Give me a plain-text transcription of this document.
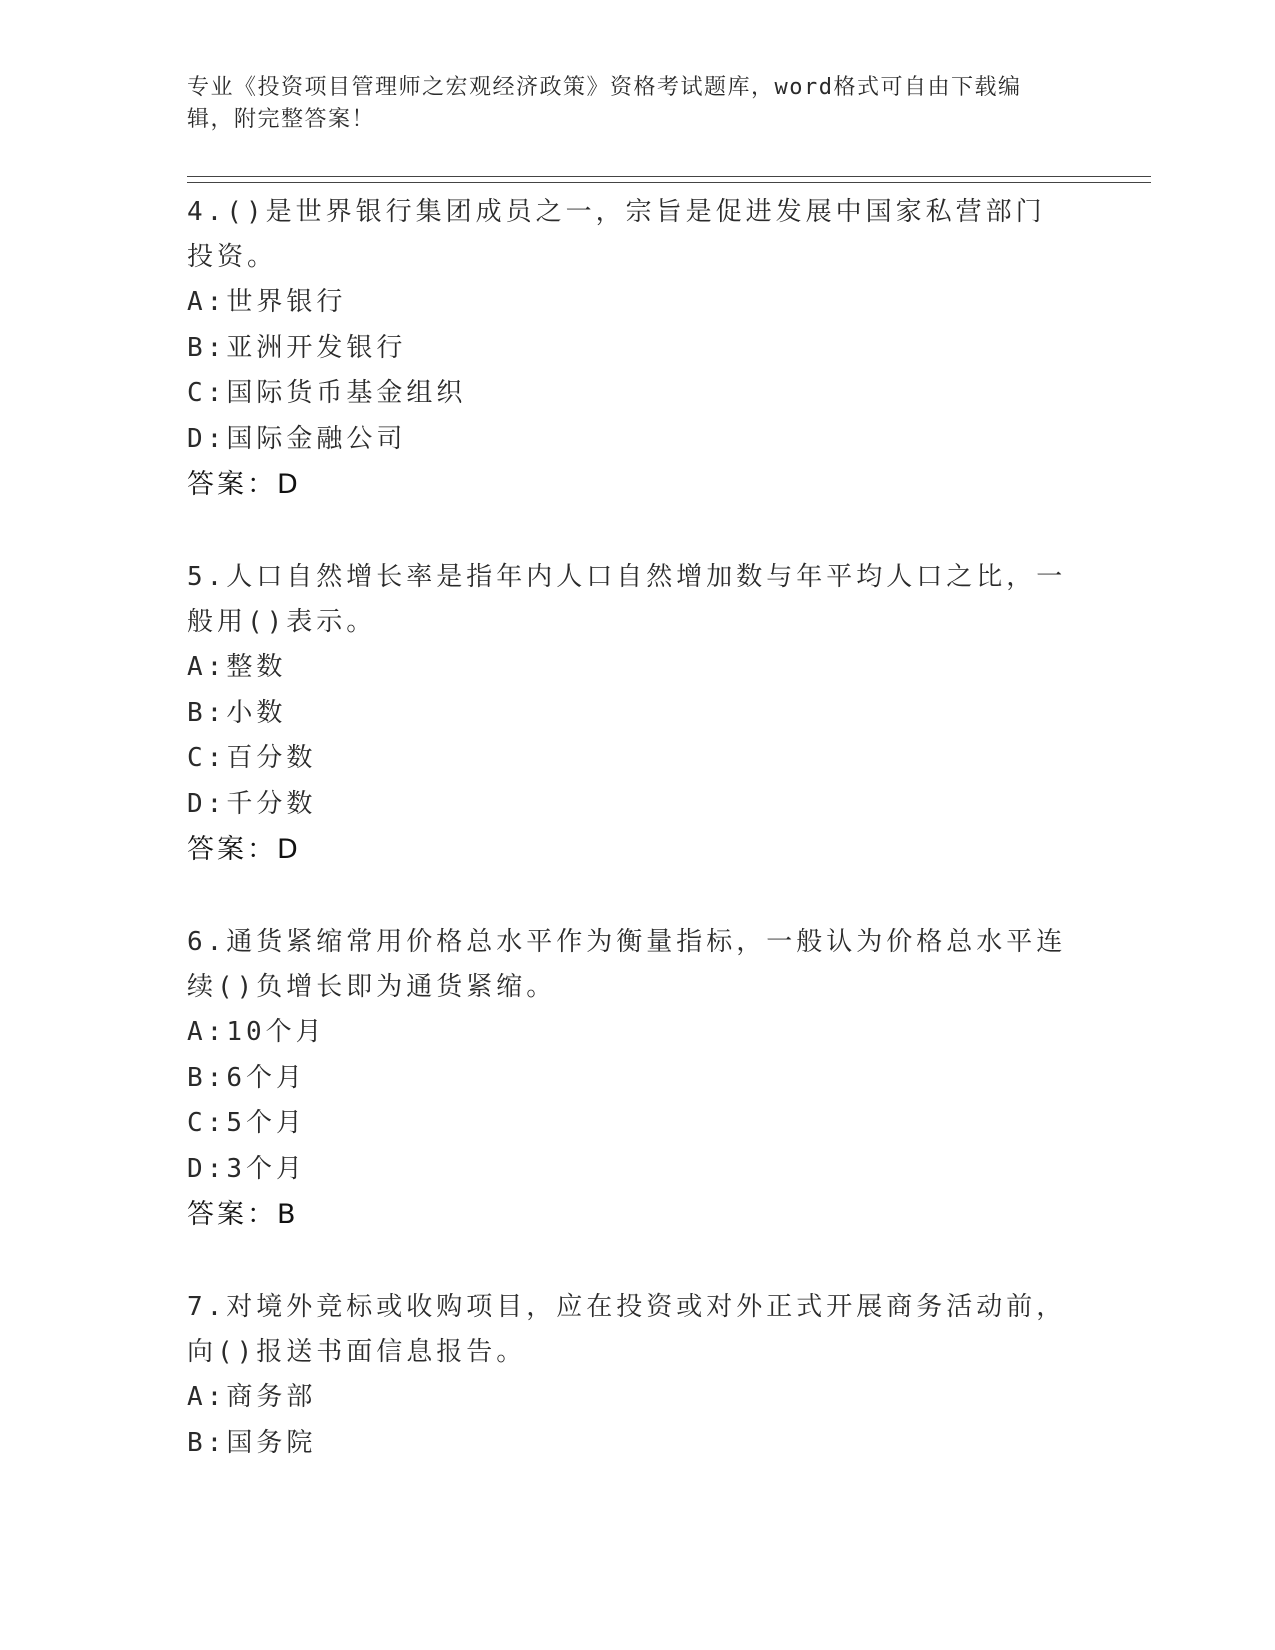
专业《投资项目管理师之宏观经济政策》资格考试题库，word格式可自由下载编辑，附完整答案！

4.()是世界银行集团成员之一，宗旨是促进发展中国家私营部门投资。

A : 世界银行
B : 亚洲开发银行
C : 国际货币基金组织
D : 国际金融公司
答案：D

5.人口自然增长率是指年内人口自然增加数与年平均人口之比，一般用()表示。

A : 整数
B : 小数
C : 百分数
D : 千分数
答案：D

6.通货紧缩常用价格总水平作为衡量指标，一般认为价格总水平连续()负增长即为通货紧缩。

A : 10个月
B : 6个月
C : 5个月
D : 3个月
答案：B

7.对境外竞标或收购项目，应在投资或对外正式开展商务活动前，向()报送书面信息报告。

A : 商务部
B : 国务院
